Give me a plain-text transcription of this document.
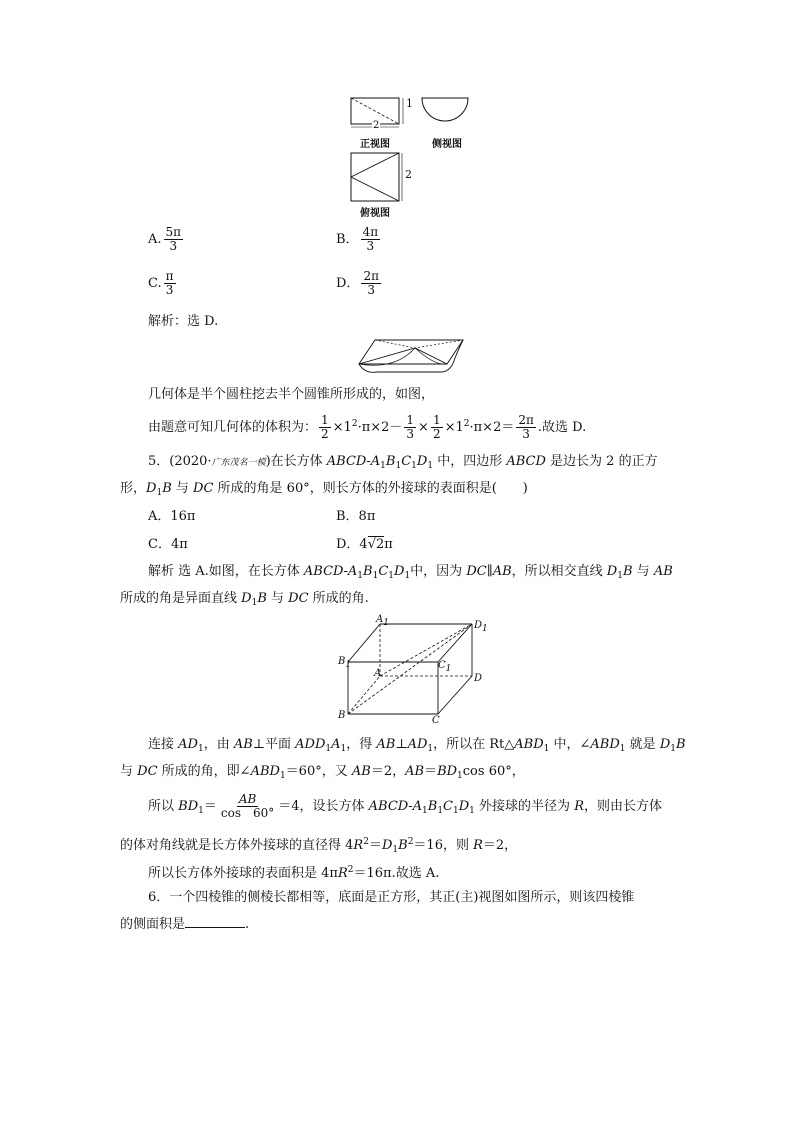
1
2
正视图	侧视图
2
俯视图
A. $\frac{5\pi}{3}$	B． $\frac{4\pi}{3}$
C. $\frac{\pi}{3}$	D． $\frac{2\pi}{3}$
解析：选 D.
几何体是半个圆柱挖去半个圆锥所形成的，如图，
由题意可知几何体的体积为： $\frac{1}{2} \times 1^2\cdot\pi\times 2- \frac{1}{3} \times \frac{1}{2} \times 1^2\cdot\pi\times 2= \frac{2\pi}{3}$ .故选 D.
5．(2020·广东茂名一模)在长方体 ABCD-$A_1B_1C_1D_1$ 中，四边形 ABCD 是边长为 2 的正方
形，$D_1B$ 与 DC 所成的角是 60°，则长方体的外接球的表面积是(　　)
A．16π	B．8π
C．4π	D．4√2π
解析 选 A.如图，在长方体 ABCD-$A_1B_1C_1D_1$中，因为 DC∥AB，所以相交直线 $D_1B$ 与 AB
所成的角是异面直线 $D_1B$ 与 DC 所成的角.
$A_1$	$D_1$
$B_1$	$C_1$
A	D
B	C
连接 $AD_1$，由 AB⊥平面 $ADD_1A_1$，得 $AB\perp AD_1$，所以在 $Rt\triangle ABD_1$ 中，$\angle ABD_1$ 就是 $D_1B$
与 DC 所成的角，即$\angle ABD_1=60^\circ$，又 AB＝2，$AB=BD_1\cos$ 60°，
所以 $BD_1= \frac{AB}{\cos 60^\circ} =4$，设长方体 ABCD-$A_1B_1C_1D_1$ 外接球的半径为 R，则由长方体
的体对角线就是长方体外接球的直径得 $4R^2=D_1B^2=16$，则 R＝2，
所以长方体外接球的表面积是 $4\pi R^2=16\pi$.故选 A.
6．一个四棱锥的侧棱长都相等，底面是正方形，其正(主)视图如图所示，则该四棱锥
的侧面积是	.
